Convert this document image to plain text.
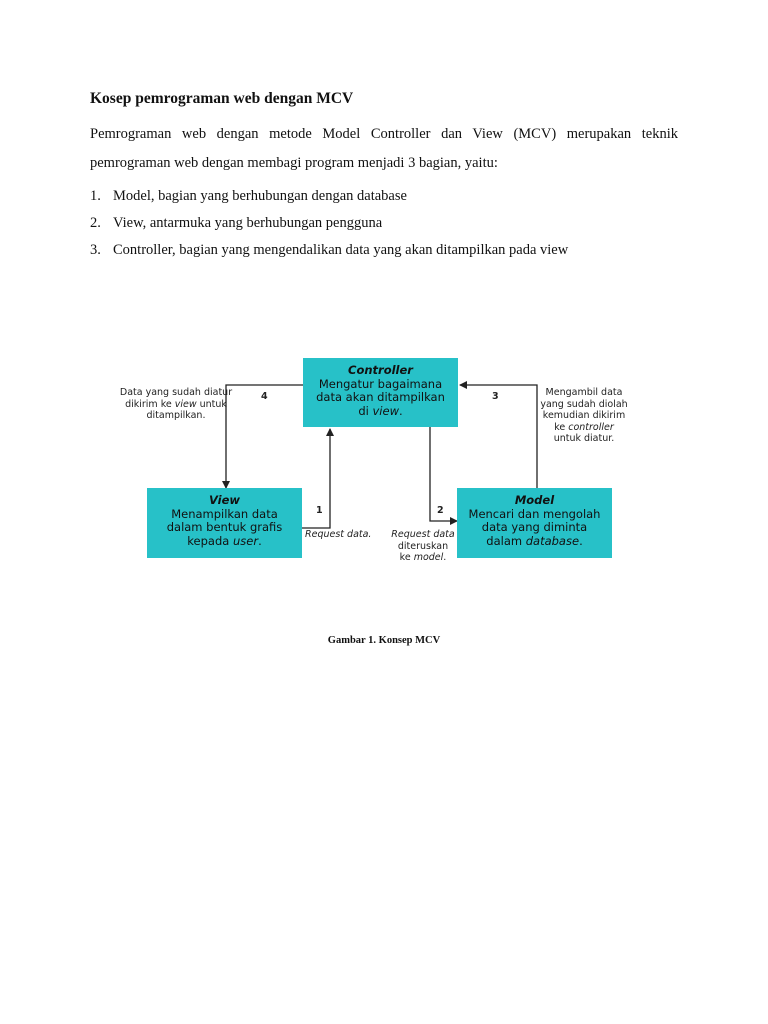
Kosep pemrograman web dengan MCV

Pemrograman web dengan metode Model Controller dan View (MCV) merupakan teknik pemrograman web dengan membagi program menjadi 3 bagian, yaitu:

1. Model, bagian yang berhubungan dengan database
2. View, antarmuka yang berhubungan pengguna
3. Controller, bagian yang mengendalikan data yang akan ditampilkan pada view
Controller
Mengatur bagaimana
data akan ditampilkan
di view.
View
Menampilkan data
dalam bentuk grafis
kepada user.
Model
Mencari dan mengolah
data yang diminta
dalam database.
Data yang sudah diatur
dikirim ke view untuk
ditampilkan.
4	Mengambil data
yang sudah diolah
kemudian dikirim
ke controller
untuk diatur.
3
1
Request data.
2
Request data
diteruskan
ke model.
Gambar 1. Konsep MCV
